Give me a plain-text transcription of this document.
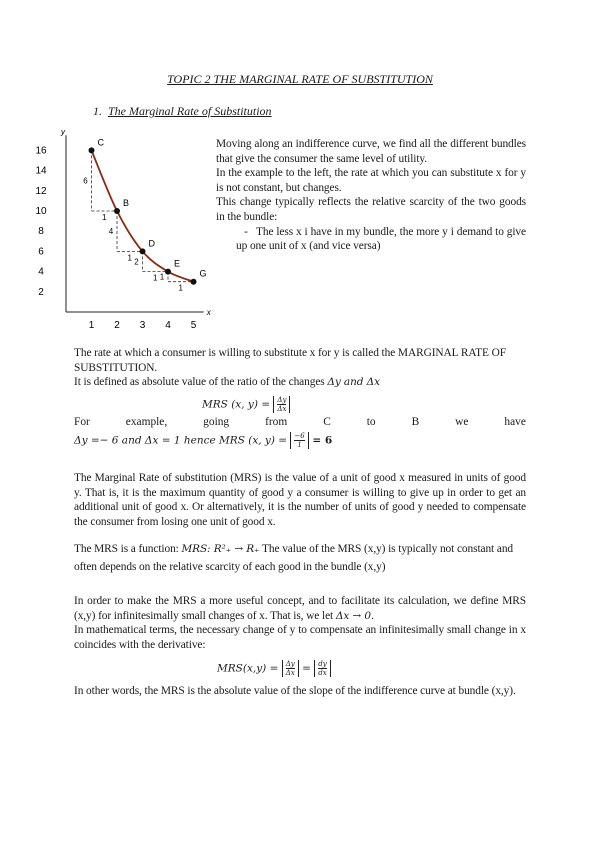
TOPIC 2 THE MARGINAL RATE OF SUBSTITUTION
1. The Marginal Rate of Substitution
x
y
1 2 3 4 5
2
4
6
8
10
12
14
16
6
1
4
1 2
1 1
1
C
B
D
E
G
Moving along an indifference curve, we find all the different bundles that give the consumer the same level of utility.
In the example to the left, the rate at which you can substitute x for y is not constant, but changes.
This change typically reflects the relative scarcity of the two goods in the bundle:
- The less x i have in my bundle, the more y i demand to give up one unit of x (and vice versa)
The rate at which a consumer is willing to substitute x for y is called the MARGINAL RATE OF SUBSTITUTION.
It is defined as absolute value of the ratio of the changes Δy and Δx
MRS (x, $y) = \frac{\Delta y}{\Delta x}$
For	example,	going	from	C	to	B	we	have
Δy =− 6 and Δx = 1 hence MRS (x, $y) = \frac{-6}{1} = 6$
The Marginal Rate of substitution (MRS) is the value of a unit of good x measured in units of good y. That is, it is the maximum quantity of good y a consumer is willing to give up in order to get an additional unit of good x. Or alternatively, it is the number of units of good y needed to compensate the consumer from losing one unit of good x.
The MRS is a function: MRS: R²₊ → R₊ The value of the MRS (x,y) is typically not constant and often depends on the relative scarcity of each good in the bundle (x,y)
In order to make the MRS a more useful concept, and to facilitate its calculation, we define MRS (x,y) for infinitesimally small changes of x. That is, we let Δx → 0.
In mathematical terms, the necessary change of y to compensate an infinitesimally small change in x coincides with the derivative:
$MRS(x,y) = \frac{\Delta y}{\Delta x} = \frac{dy}{dx}$
In other words, the MRS is the absolute value of the slope of the indifference curve at bundle (x,y).
